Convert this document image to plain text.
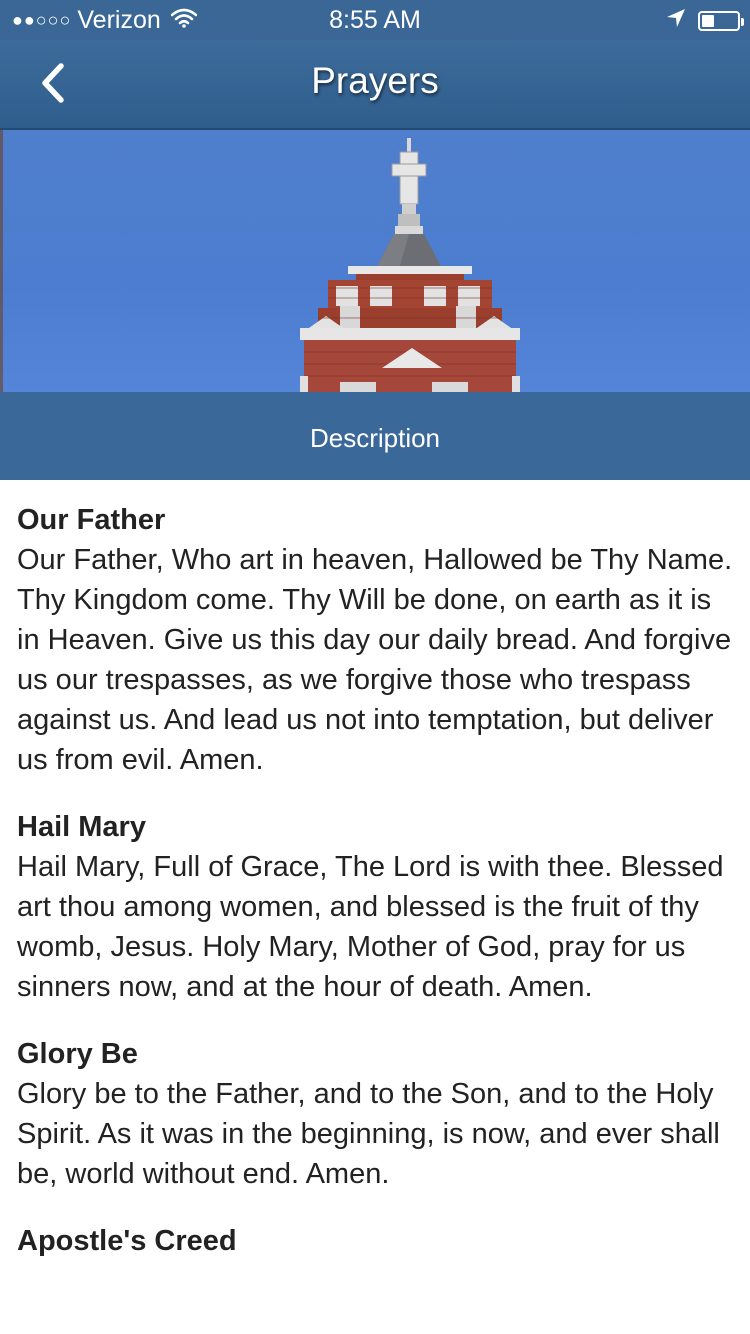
●●○○○ Verizon	8:55 AM
Prayers
Description
Our Father

Our Father, Who art in heaven, Hallowed be Thy Name. Thy Kingdom come. Thy Will be done, on earth as it is in Heaven. Give us this day our daily bread. And forgive us our trespasses, as we forgive those who trespass against us. And lead us not into temptation, but deliver us from evil. Amen.

Hail Mary

Hail Mary, Full of Grace, The Lord is with thee. Blessed art thou among women, and blessed is the fruit of thy womb, Jesus. Holy Mary, Mother of God, pray for us sinners now, and at the hour of death. Amen.

Glory Be

Glory be to the Father, and to the Son, and to the Holy Spirit. As it was in the beginning, is now, and ever shall be, world without end. Amen.

Apostle's Creed
